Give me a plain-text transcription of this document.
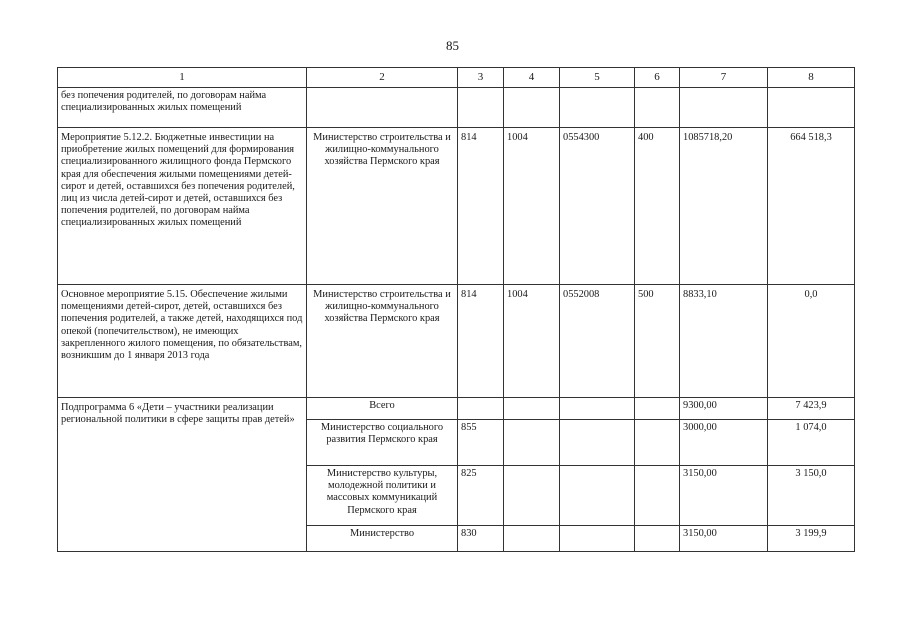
85
1	2	3	4	5	6	7	8
без попечения родителей, по договорам найма специализированных жилых помещений							
Мероприятие 5.12.2. Бюджетные инвестиции на приобретение жилых помещений для формирования специализированного жилищного фонда Пермского края для обеспечения жилыми помещениями детей-сирот и детей, оставшихся без попечения родителей, лиц из числа детей-сирот и детей, оставшихся без попечения родителей, по договорам найма специализированных жилых помещений	Министерство строительства и жилищно-коммунального хозяйства Пермского края	814	1004	0554300	400	1085718,20	664 518,3
Основное мероприятие 5.15. Обеспечение жилыми помещениями детей-сирот, детей, оставшихся без попечения родителей, а также детей, находящихся под опекой (попечительством), не имеющих закрепленного жилого помещения, по обязательствам, возникшим до 1 января 2013 года	Министерство строительства и жилищно-коммунального хозяйства Пермского края	814	1004	0552008	500	8833,10	0,0
Подпрограмма 6 «Дети – участники реализации региональной политики в сфере защиты прав детей»	Всего					9300,00	7 423,9
	Министерство социального развития Пермского края	855				3000,00	1 074,0
	Министерство культуры, молодежной политики и массовых коммуникаций Пермского края	825				3150,00	3 150,0
	Министерство	830				3150,00	3 199,9
